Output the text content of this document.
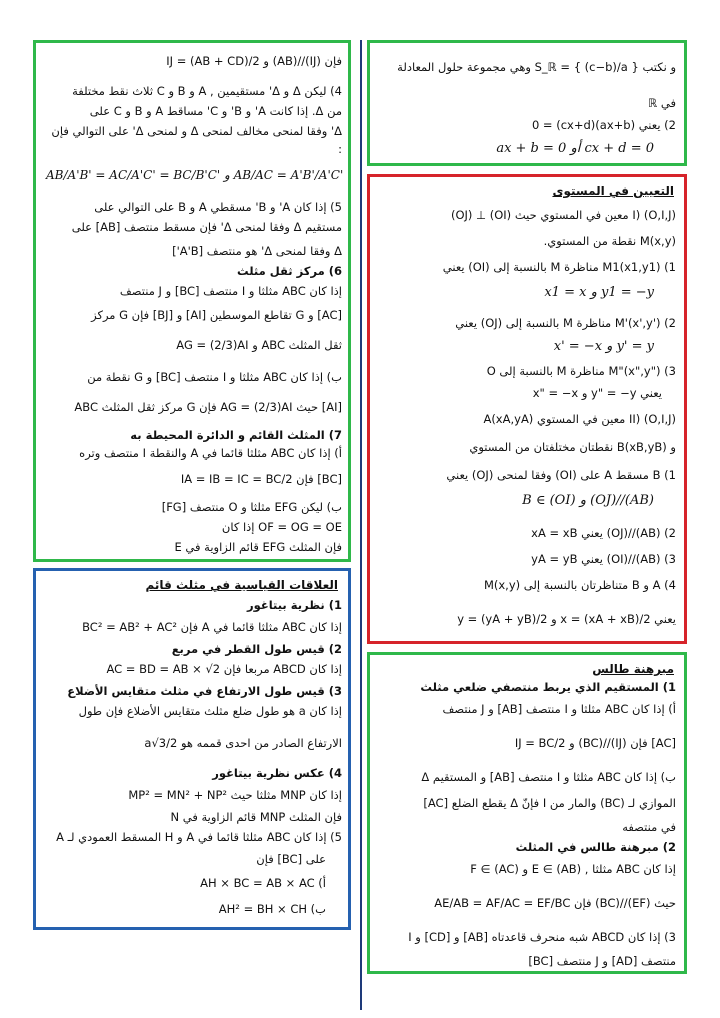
فإن (IJ)//(AB) و IJ = (AB + CD)/2
4) ليكن Δ و Δ' مستقيمين , A و B و C ثلاث نقط مختلفة
من Δ. إذا كانت A' و B' و C' مساقط A و B و C على
Δ' وفقا لمنحى مخالف لمنحى Δ و لمنحى Δ' على التوالي فإن
:
AB/A'B' = AC/A'C' = BC/B'C' و AB/AC = A'B'/A'C'
5) إذا كان A' و B' مسقطي A و B على التوالي على
مستقيم Δ وفقا لمنحى Δ' فإن مسقط منتصف [AB] على
Δ وفقا لمنحى Δ' هو منتصف [A'B']
6) مركز ثقل مثلث
إذا كان ABC مثلثا و I منتصف [BC] و J منتصف
[AC] و G تقاطع الموسطين [AI] و [BJ] فإن G مركز
ثقل المثلث ABC و AG = (2/3)AI
ب) إذا كان ABC مثلثا و I منتصف [BC] و G نقطة من
[AI] حيث AG = (2/3)AI فإن G مركز ثقل المثلث ABC
7) المثلث القائم و الدائرة المحيطة به
أ) إذا كان ABC مثلثا قائما في A والنقطة I منتصف وتره
[BC] فإن IA = IB = IC = BC/2
ب) ليكن EFG مثلثا و O منتصف [FG]
OF = OG = OE إذا كان
فإن المثلث EFG قائم الزاوية في E
و نكتب S_ℝ = { (c−b)/a } وهي مجموعة حلول المعادلة
في ℝ
2) يعني (ax+b)(cx+d) = 0
cx + d = 0 أو ax + b = 0
التعيين في المستوى
I) (O,I,J) معين في المستوي حيث (OI) ⊥ (OJ)
M(x,y) نقطة من المستوي.
1) M1(x1,y1) مناظرة M بالنسبة إلى (OI) يعني
y1 = −y و x1 = x
2) M'(x',y') مناظرة M بالنسبة إلى (OJ) يعني
y' = y و x' = −x
3) M"(x",y") مناظرة M بالنسبة إلى O
يعني y" = −y و x" = −x
II) (O,I,J) معين في المستوي A(xA,yA)
و B(xB,yB) نقطتان مختلفتان من المستوي
1) B مسقط A على (OI) وفقا لمنحى (OJ) يعني
(AB)//(OJ) و B ∈ (OI)
2) (AB)//(OJ) يعني xA = xB
3) (AB)//(OI) يعني yA = yB
4) A و B متناظرتان بالنسبة إلى M(x,y)
يعني x = (xA + xB)/2 و y = (yA + yB)/2
العلاقات القياسية في مثلث قائم
1) نظرية بيتاغور
إذا كان ABC مثلثا قائما في A فإن BC² = AB² + AC²
2) قيس طول القطر في مربع
إذا كان ABCD مربعا فإن AC = BD = AB × √2
3) قيس طول الارتفاع في مثلث متقايس الأضلاع
إذا كان a هو طول ضلع مثلث متقايس الأضلاع فإن طول
الارتفاع الصادر من احدى قممه هو a√3/2
4) عكس نظرية بيتاغور
إذا كان MNP مثلثا حيث MP² = MN² + NP²
فإن المثلث MNP قائم الزاوية في N
5) إذا كان ABC مثلثا قائما في A و H المسقط العمودي لـ A
على [BC] فإن
أ) AH × BC = AB × AC
ب) AH² = BH × CH
مبرهنة طالس
1) المستقيم الذي يربط منتصفي ضلعي مثلث
أ) إذا كان ABC مثلثا و I منتصف [AB] و J منتصف
[AC] فإن (IJ)//(BC) و IJ = BC/2
ب) إذا كان ABC مثلثا و I منتصف [AB] و المستقيم Δ
الموازي لـ (BC) والمار من I فإنّ Δ يقطع الضلع [AC]
في منتصفه
2) مبرهنة طالس في المثلث
إذا كان ABC مثلثا , E ∈ (AB) و F ∈ (AC)
حيث (EF)//(BC) فإن AE/AB = AF/AC = EF/BC
3) إذا كان ABCD شبه منحرف قاعدتاه [AB] و [CD] و I
منتصف [AD] و J منتصف [BC]
